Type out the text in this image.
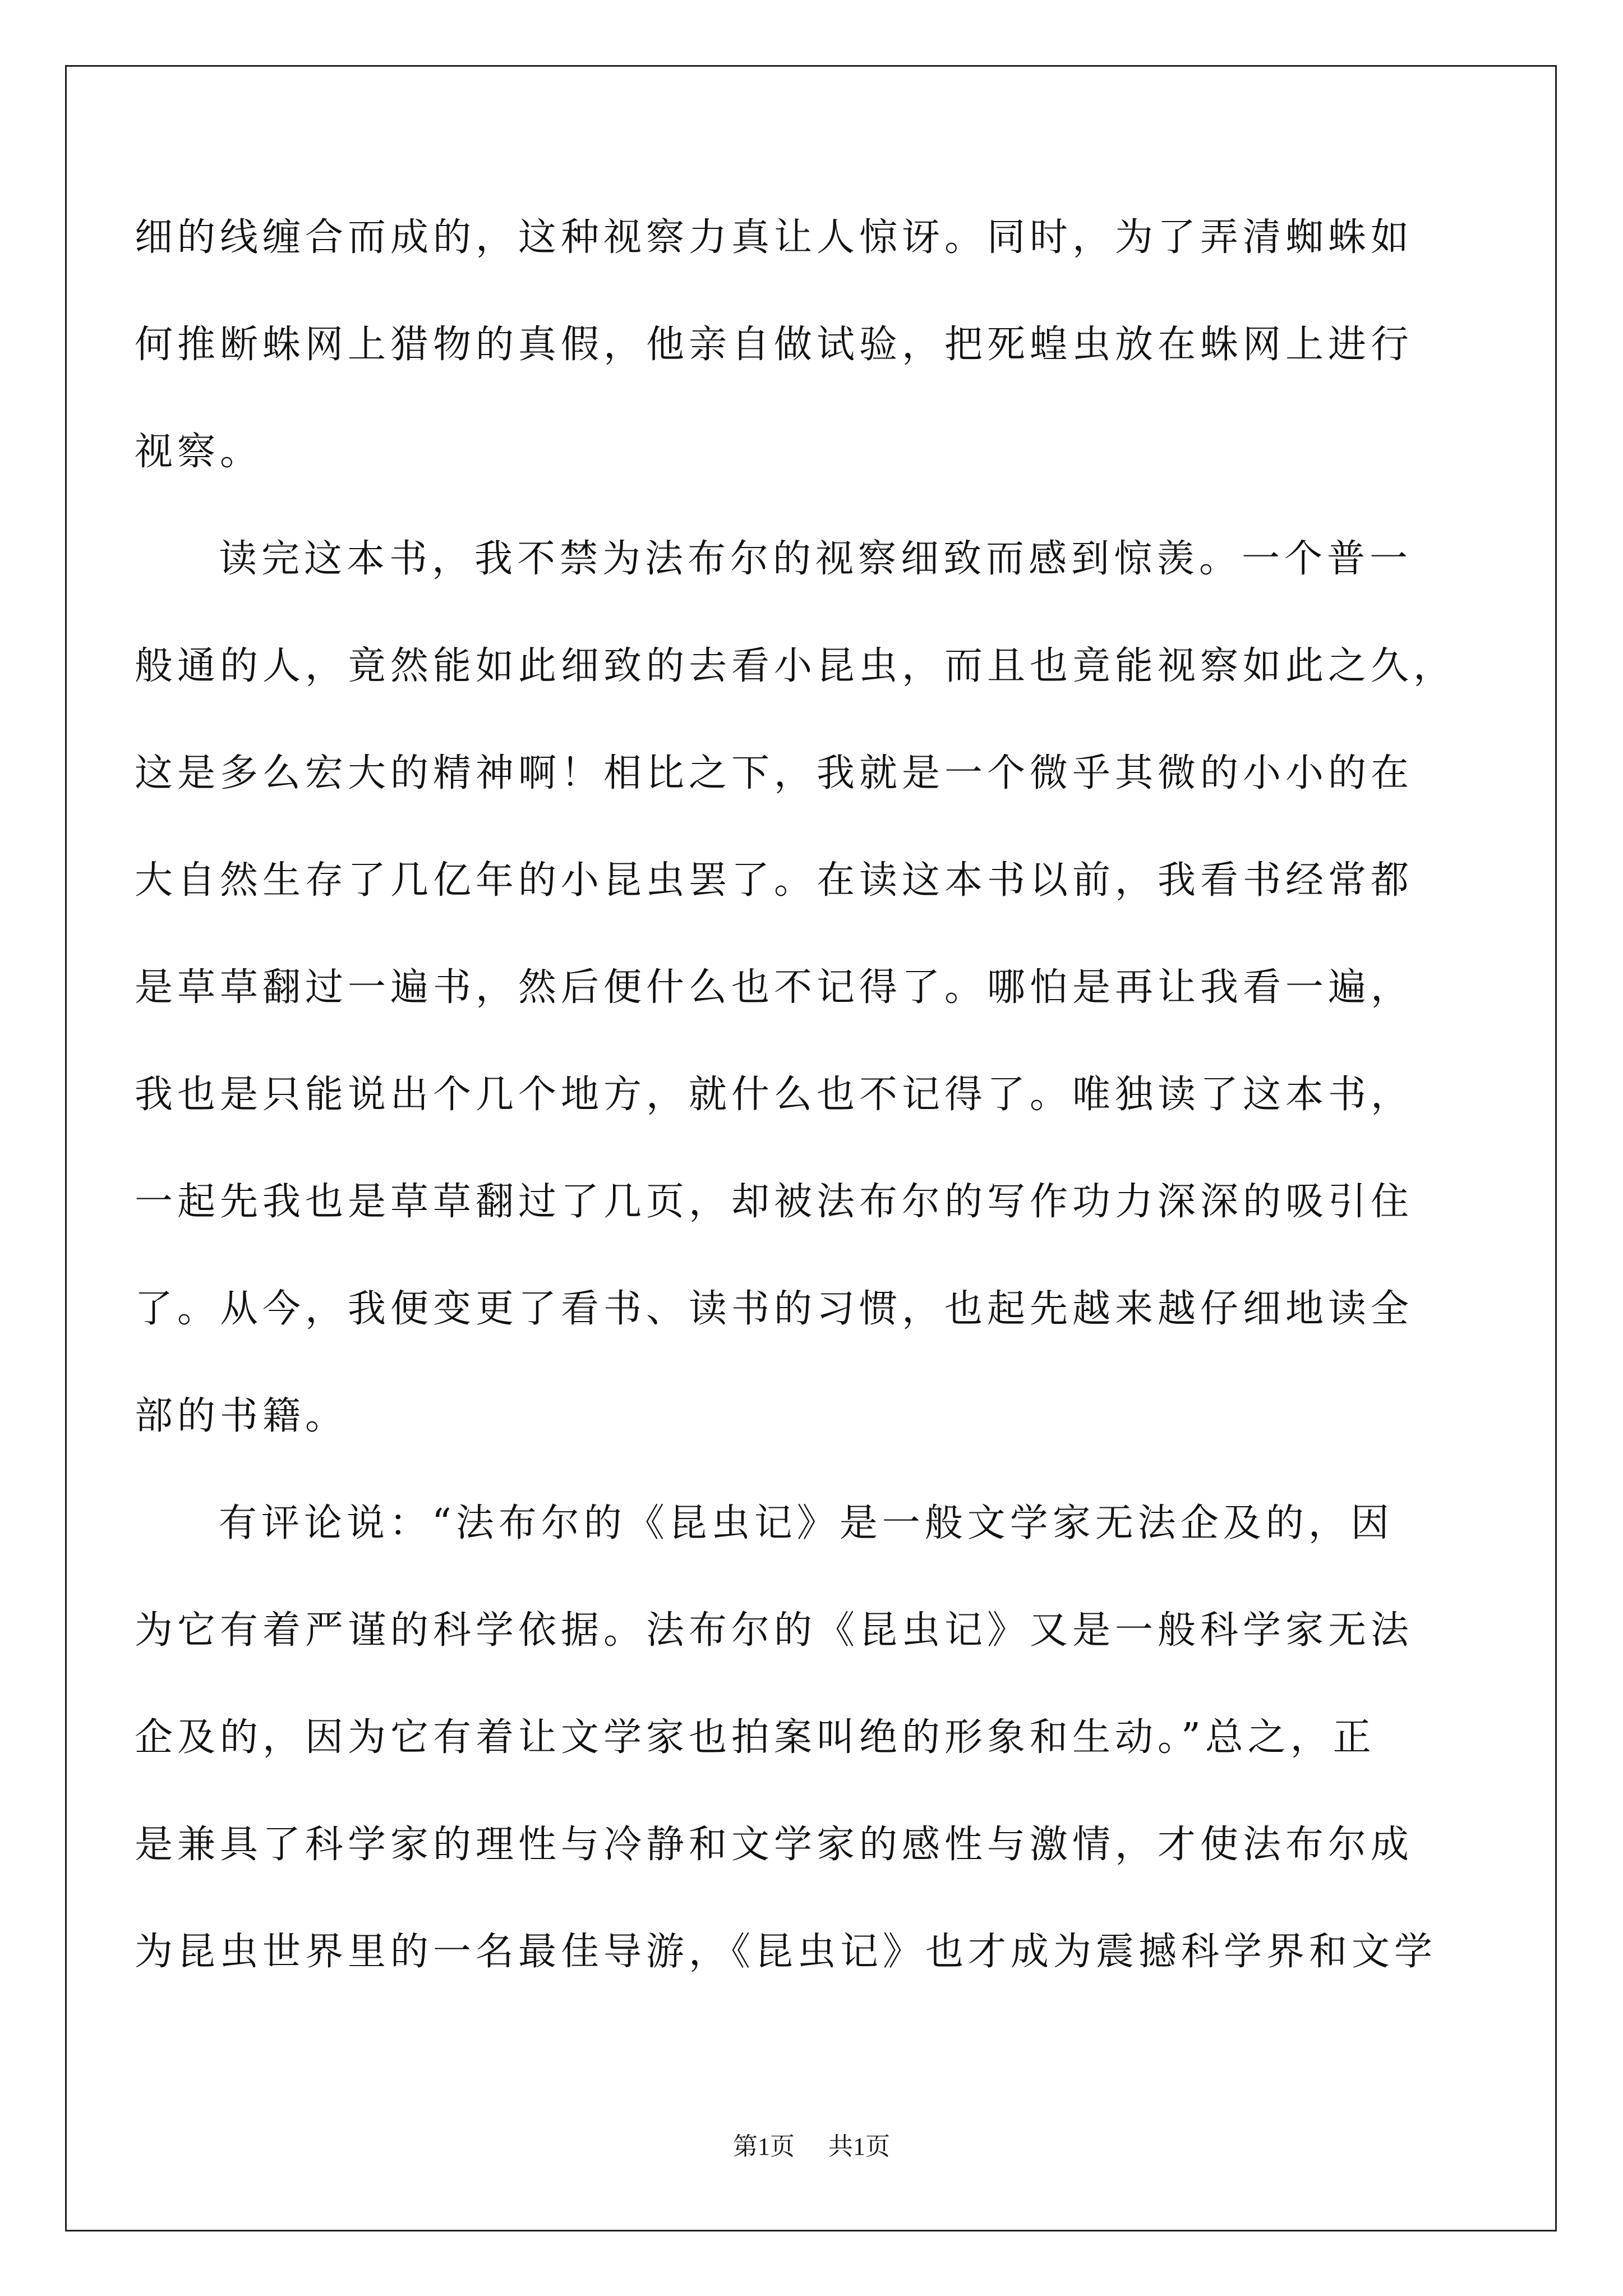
细的线缠合而成的，这种视察力真让人惊讶。同时，为了弄清蜘蛛如
何推断蛛网上猎物的真假，他亲自做试验，把死蝗虫放在蛛网上进行
视察。
读完这本书，我不禁为法布尔的视察细致而感到惊羡。一个普一
般通的人，竟然能如此细致的去看小昆虫，而且也竟能视察如此之久，
这是多么宏大的精神啊！相比之下，我就是一个微乎其微的小小的在
大自然生存了几亿年的小昆虫罢了。在读这本书以前，我看书经常都
是草草翻过一遍书，然后便什么也不记得了。哪怕是再让我看一遍，
我也是只能说出个几个地方，就什么也不记得了。唯独读了这本书，
一起先我也是草草翻过了几页，却被法布尔的写作功力深深的吸引住
了。从今，我便变更了看书、读书的习惯，也起先越来越仔细地读全
部的书籍。
有评论说：“法布尔的《昆虫记》是一般文学家无法企及的，因
为它有着严谨的科学依据。法布尔的《昆虫记》又是一般科学家无法
企及的，因为它有着让文学家也拍案叫绝的形象和生动。”总之，正
是兼具了科学家的理性与冷静和文学家的感性与激情，才使法布尔成
为昆虫世界里的一名最佳导游，《昆虫记》也才成为震撼科学界和文学
第1页 共1页
